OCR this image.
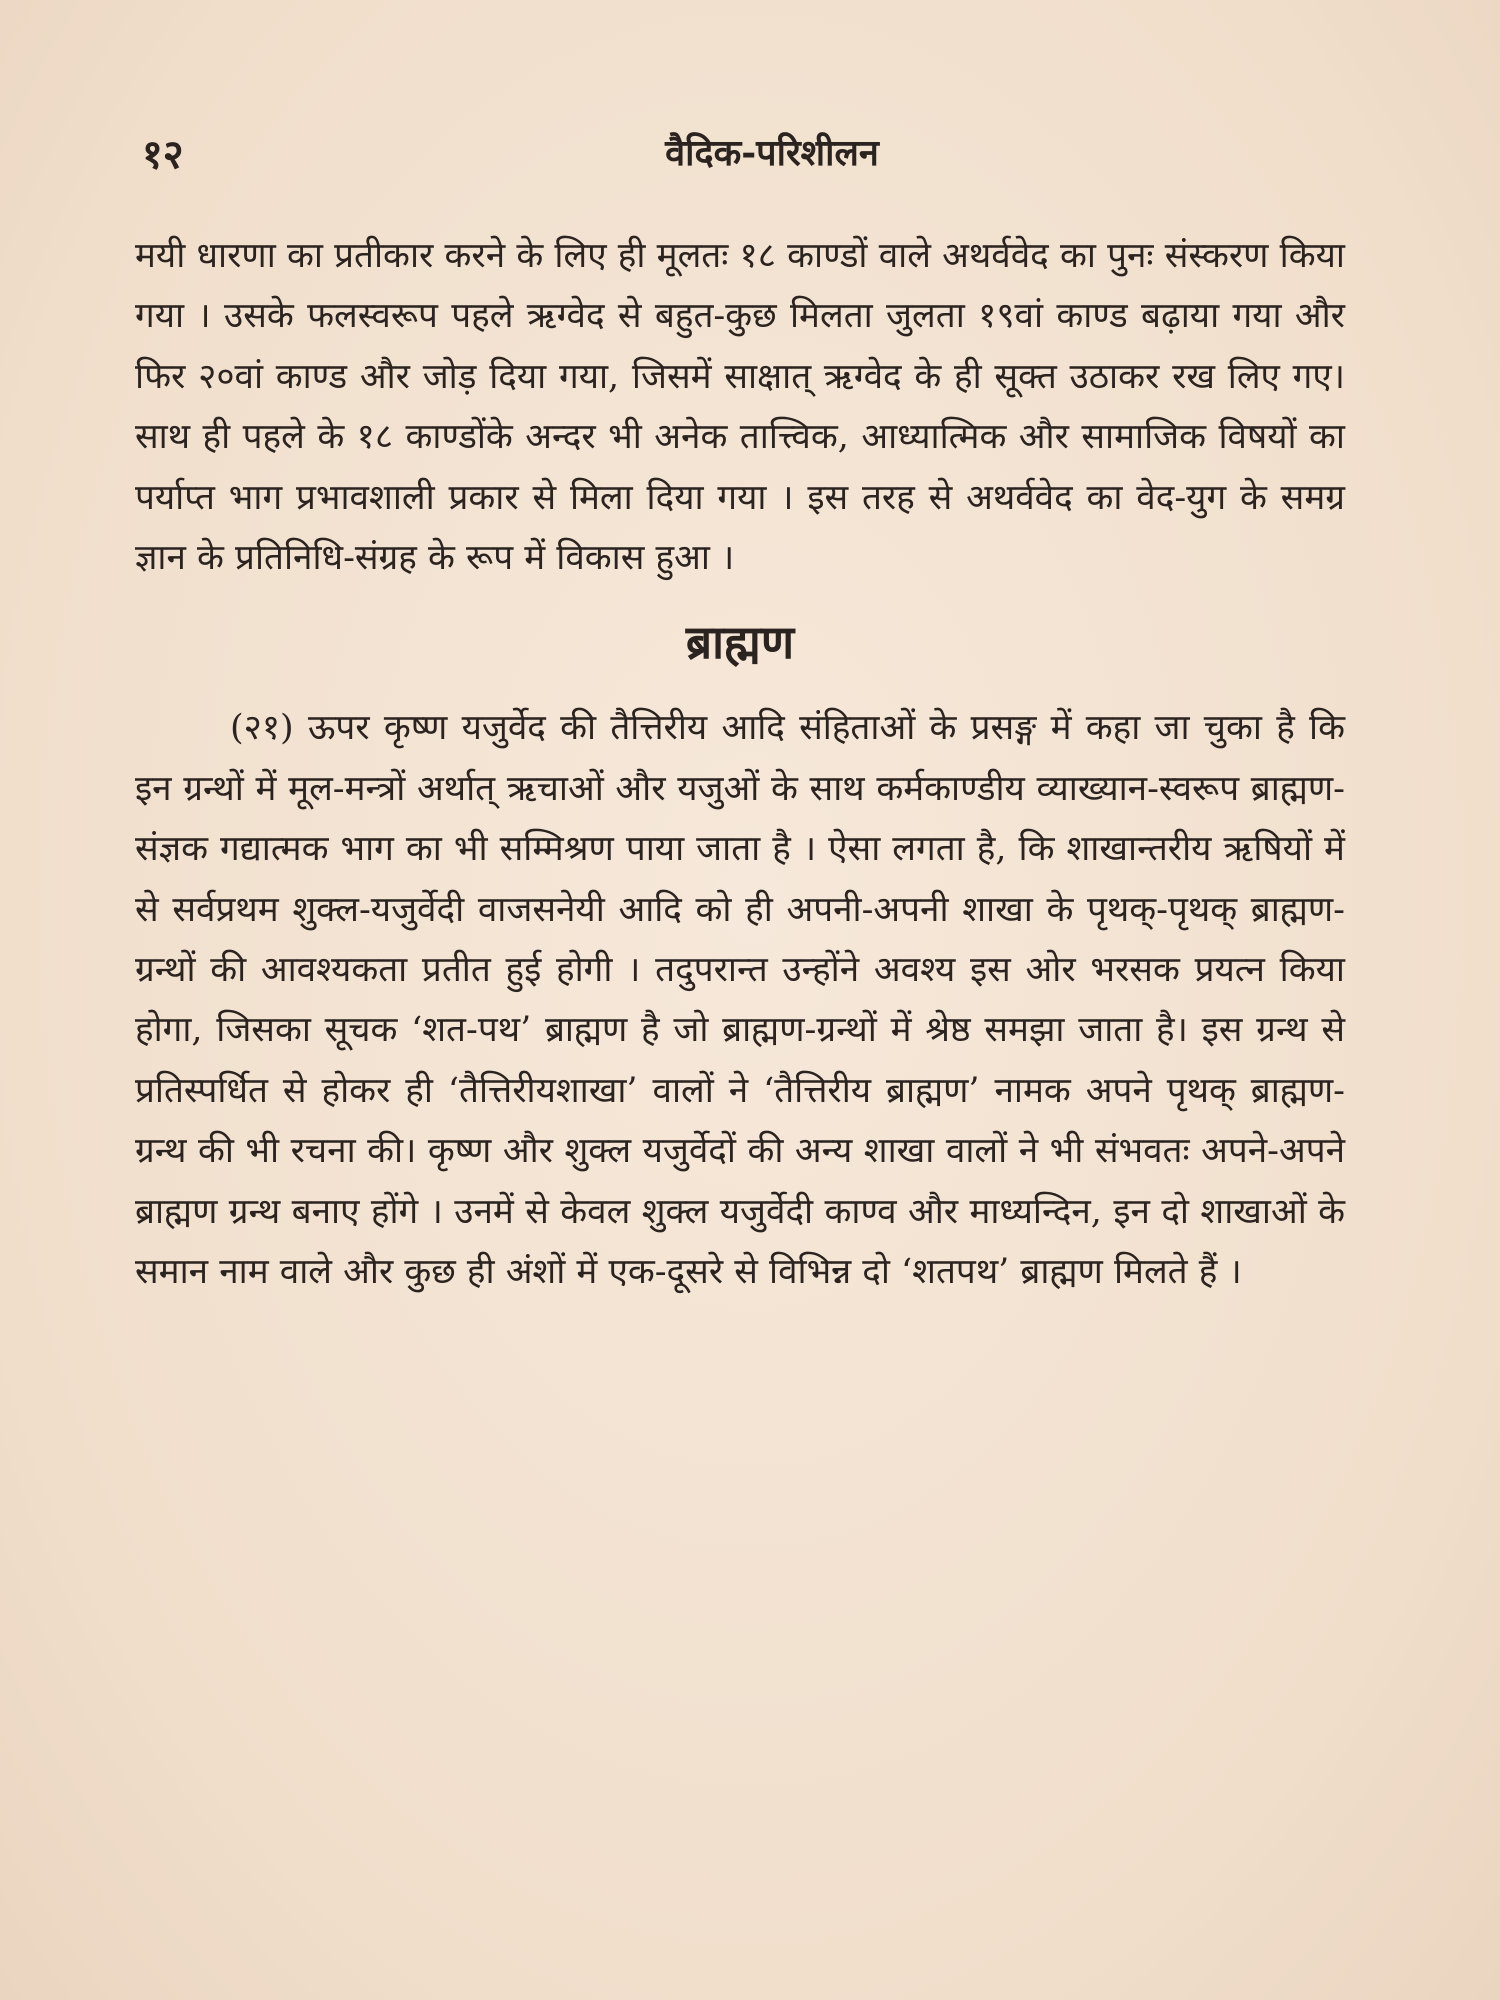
१२	वैदिक-परिशीलन

मयी धारणा का प्रतीकार करने के लिए ही मूलतः १८ काण्डों वाले अथर्ववेद का पुनः संस्करण किया गया । उसके फलस्वरूप पहले ऋग्वेद से बहुत-कुछ मिलता जुलता १९वां काण्ड बढ़ाया गया और फिर २०वां काण्ड और जोड़ दिया गया, जिसमें साक्षात् ऋग्वेद के ही सूक्त उठाकर रख लिए गए। साथ ही पहले के १८ काण्डोंके अन्दर भी अनेक तात्त्विक, आध्यात्मिक और सामाजिक विषयों का पर्याप्त भाग प्रभावशाली प्रकार से मिला दिया गया । इस तरह से अथर्ववेद का वेद-युग के समग्र ज्ञान के प्रतिनिधि-संग्रह के रूप में विकास हुआ ।

ब्राह्मण

(२१) ऊपर कृष्ण यजुर्वेद की तैत्तिरीय आदि संहिताओं के प्रसङ्ग में कहा जा चुका है कि इन ग्रन्थों में मूल-मन्त्रों अर्थात् ऋचाओं और यजुओं के साथ कर्मकाण्डीय व्याख्यान-स्वरूप ब्राह्मण-संज्ञक गद्यात्मक भाग का भी सम्मिश्रण पाया जाता है । ऐसा लगता है, कि शाखान्तरीय ऋषियों में से सर्वप्रथम शुक्ल-यजुर्वेदी वाजसनेयी आदि को ही अपनी-अपनी शाखा के पृथक्-पृथक् ब्राह्मण-ग्रन्थों की आवश्यकता प्रतीत हुई होगी । तदुपरान्त उन्होंने अवश्य इस ओर भरसक प्रयत्न किया होगा, जिसका सूचक ‘शत-पथ’ ब्राह्मण है जो ब्राह्मण-ग्रन्थों में श्रेष्ठ समझा जाता है। इस ग्रन्थ से प्रतिस्पर्धित से होकर ही ‘तैत्तिरीयशाखा’ वालों ने ‘तैत्तिरीय ब्राह्मण’ नामक अपने पृथक् ब्राह्मण-ग्रन्थ की भी रचना की। कृष्ण और शुक्ल यजुर्वेदों की अन्य शाखा वालों ने भी संभवतः अपने-अपने ब्राह्मण ग्रन्थ बनाए होंगे । उनमें से केवल शुक्ल यजुर्वेदी काण्व और माध्यन्दिन, इन दो शाखाओं के समान नाम वाले और कुछ ही अंशों में एक-दूसरे से विभिन्न दो ‘शतपथ’ ब्राह्मण मिलते हैं ।
